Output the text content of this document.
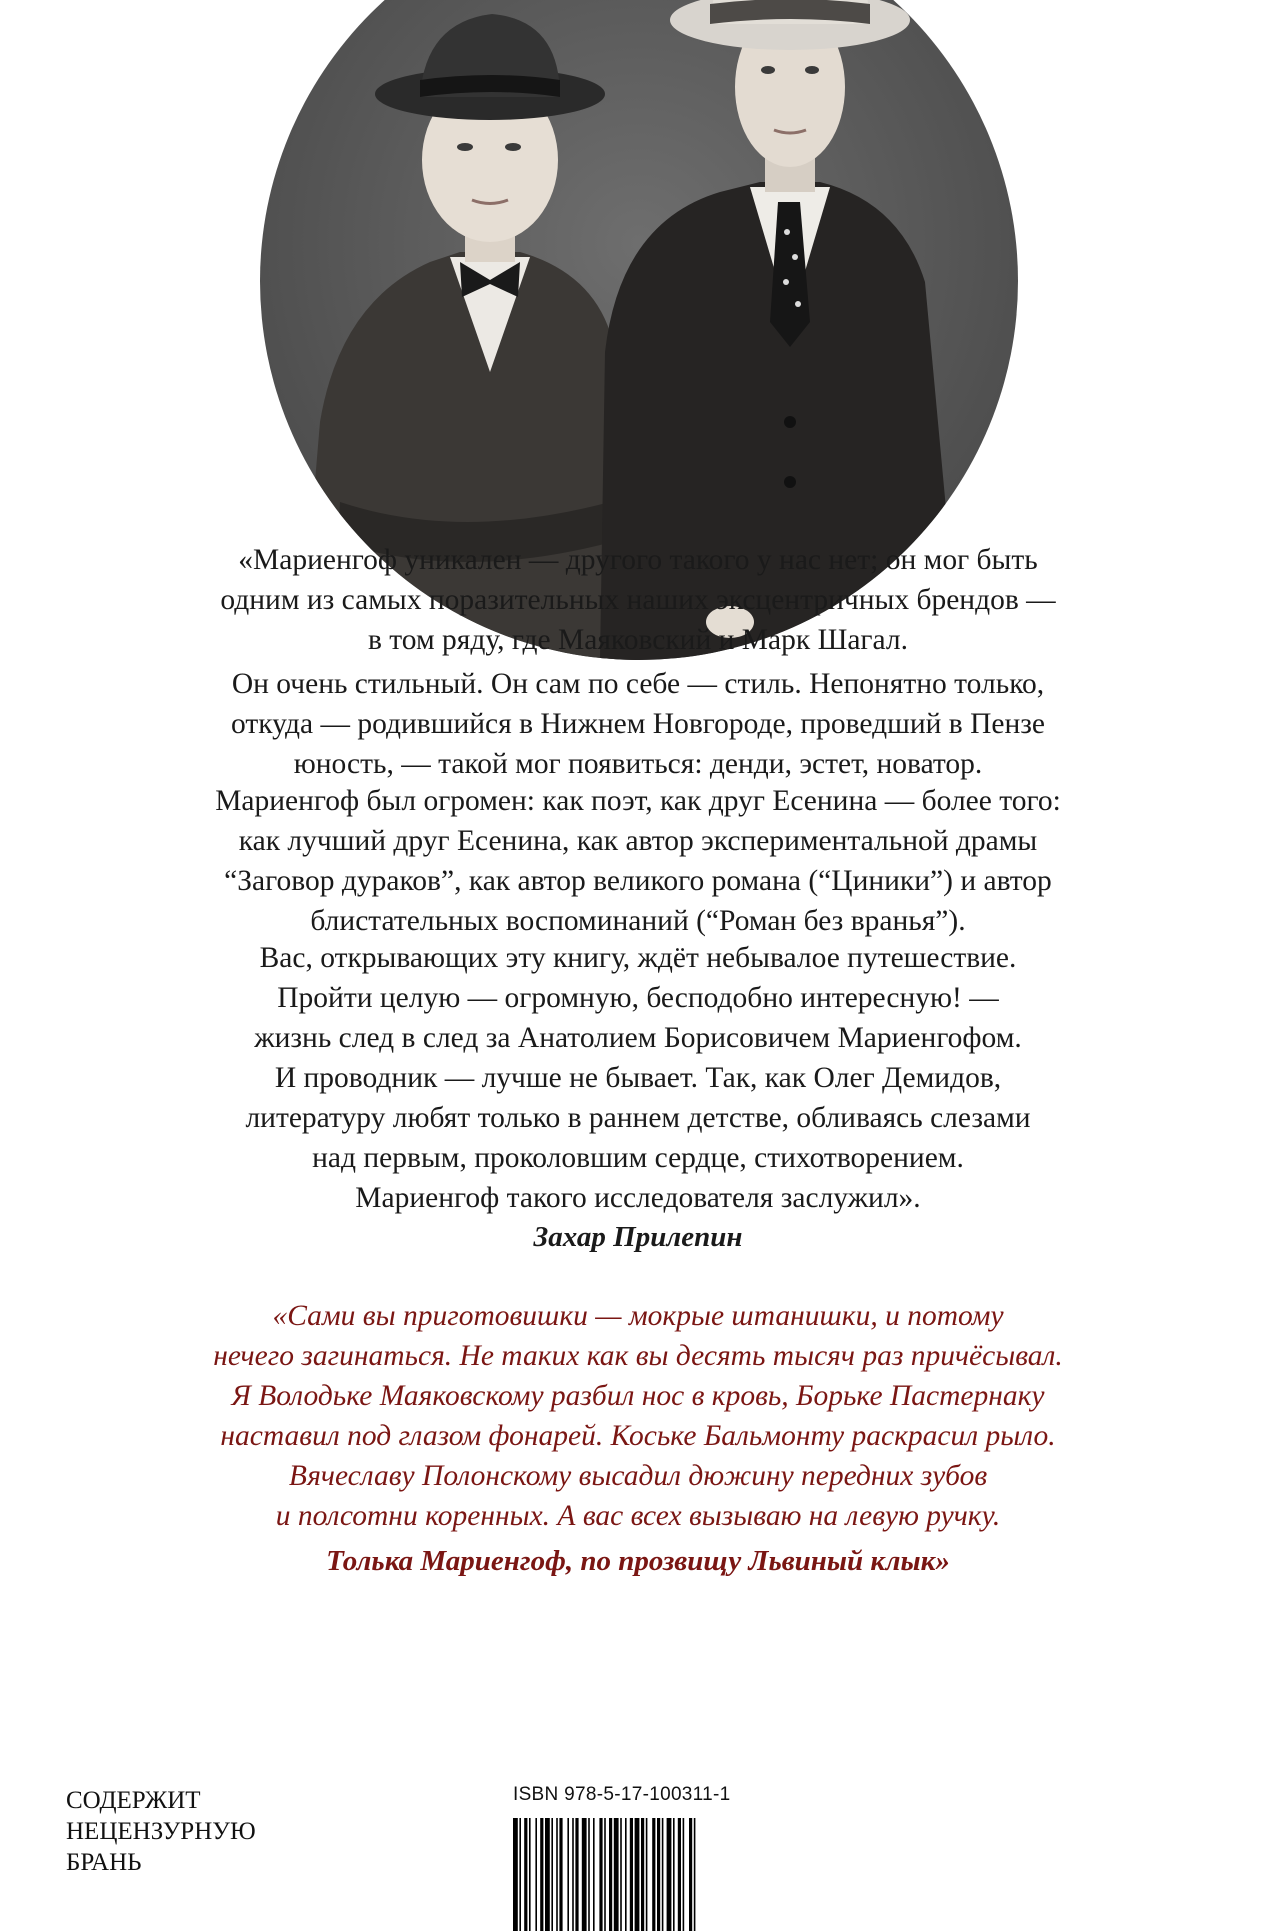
«Мариенгоф уникален — другого такого у нас нет; он мог быть
одним из самых поразительных наших эксцентричных брендов —
в том ряду, где Маяковский и Марк Шагал.

Он очень стильный. Он сам по себе — стиль. Непонятно только,
откуда — родившийся в Нижнем Новгороде, проведший в Пензе
юность, — такой мог появиться: денди, эстет, новатор.

Мариенгоф был огромен: как поэт, как друг Есенина — более того:
как лучший друг Есенина, как автор экспериментальной драмы
“Заговор дураков”, как автор великого романа (“Циники”) и автор
блистательных воспоминаний (“Роман без вранья”).

Вас, открывающих эту книгу, ждёт небывалое путешествие.
Пройти целую — огромную, бесподобно интересную! —
жизнь след в след за Анатолием Борисовичем Мариенгофом.
И проводник — лучше не бывает. Так, как Олег Демидов,
литературу любят только в раннем детстве, обливаясь слезами
над первым, проколовшим сердце, стихотворением.
Мариенгоф такого исследователя заслужил».

Захар Прилепин
«Сами вы приготовишки — мокрые штанишки, и потому
нечего загинаться. Не таких как вы десять тысяч раз причёсывал.
Я Володьке Маяковскому разбил нос в кровь, Борьке Пастернаку
наставил под глазом фонарей. Коське Бальмонту раскрасил рыло.
Вячеславу Полонскому высадил дюжину передних зубов
и полсотни коренных. А вас всех вызываю на левую ручку.
Толька Мариенгоф, по прозвищу Львиный клык»
СОДЕРЖИТ
НЕЦЕНЗУРНУЮ
БРАНЬ
ISBN 978-5-17-100311-1
